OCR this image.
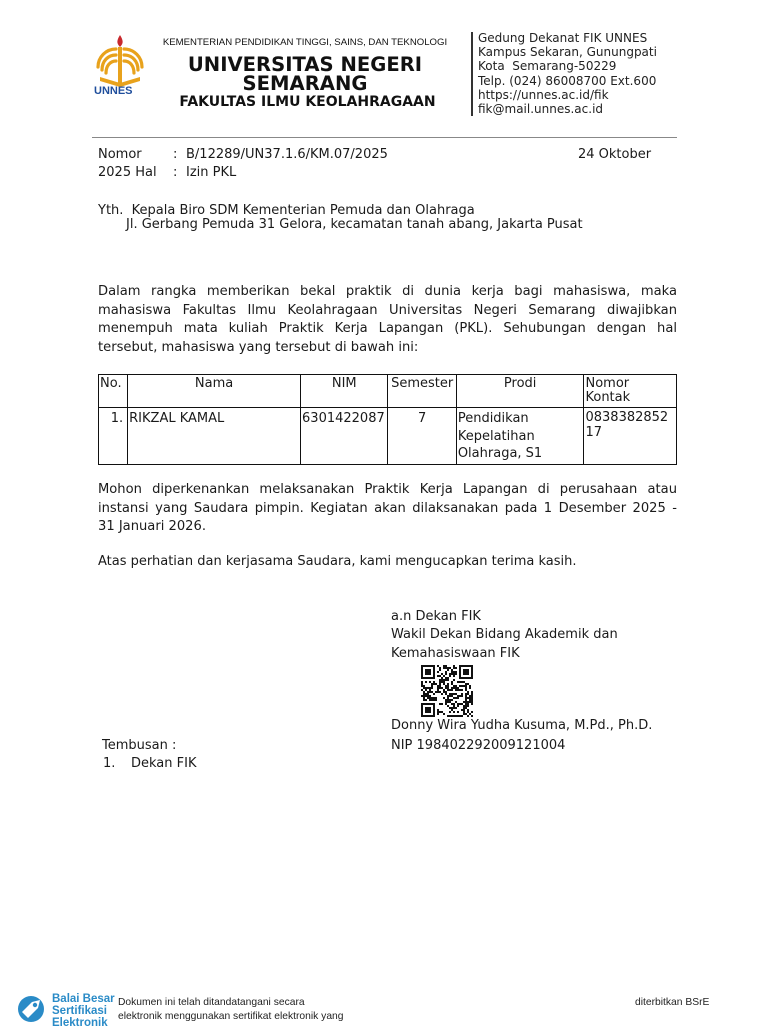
UNNES
KEMENTERIAN PENDIDIKAN TINGGI, SAINS, DAN TEKNOLOGI
UNIVERSITAS NEGERI
SEMARANG
FAKULTAS ILMU KEOLAHRAGAAN
Gedung Dekanat FIK UNNES
Kampus Sekaran, Gunungpati
Kota  Semarang-50229
Telp. (024) 86008700 Ext.600
https://unnes.ac.id/fik
fik@mail.unnes.ac.id
Nomor : B/12289/UN37.1.6/KM.07/2025	24 Oktober
2025 Hal : Izin PKL
Yth.  Kepala Biro SDM Kementerian Pemuda dan Olahraga
Jl. Gerbang Pemuda 31 Gelora, kecamatan tanah abang, Jakarta Pusat
Dalam rangka memberikan bekal praktik di dunia kerja bagi mahasiswa, maka
mahasiswa Fakultas Ilmu Keolahragaan Universitas Negeri Semarang diwajibkan
menempuh mata kuliah Praktik Kerja Lapangan (PKL). Sehubungan dengan hal
tersebut, mahasiswa yang tersebut di bawah ini:
No.	Nama	NIM	Semester	Prodi	Nomor Kontak
1.	RIKZAL KAMAL	6301422087	7	Pendidikan Kepelatihan Olahraga, S1	083838285217
Mohon diperkenankan melaksanakan Praktik Kerja Lapangan di perusahaan atau
instansi yang Saudara pimpin. Kegiatan akan dilaksanakan pada 1 Desember 2025 -
31 Januari 2026.
Atas perhatian dan kerjasama Saudara, kami mengucapkan terima kasih.
a.n Dekan FIK
Wakil Dekan Bidang Akademik dan
Kemahasiswaan FIK
Donny Wira Yudha Kusuma, M.Pd., Ph.D.
NIP 198402292009121004
Tembusan :
1. Dekan FIK
Balai Besar
Sertifikasi
Elektronik
Dokumen ini telah ditandatangani secara
elektronik menggunakan sertifikat elektronik yang
diterbitkan BSrE
